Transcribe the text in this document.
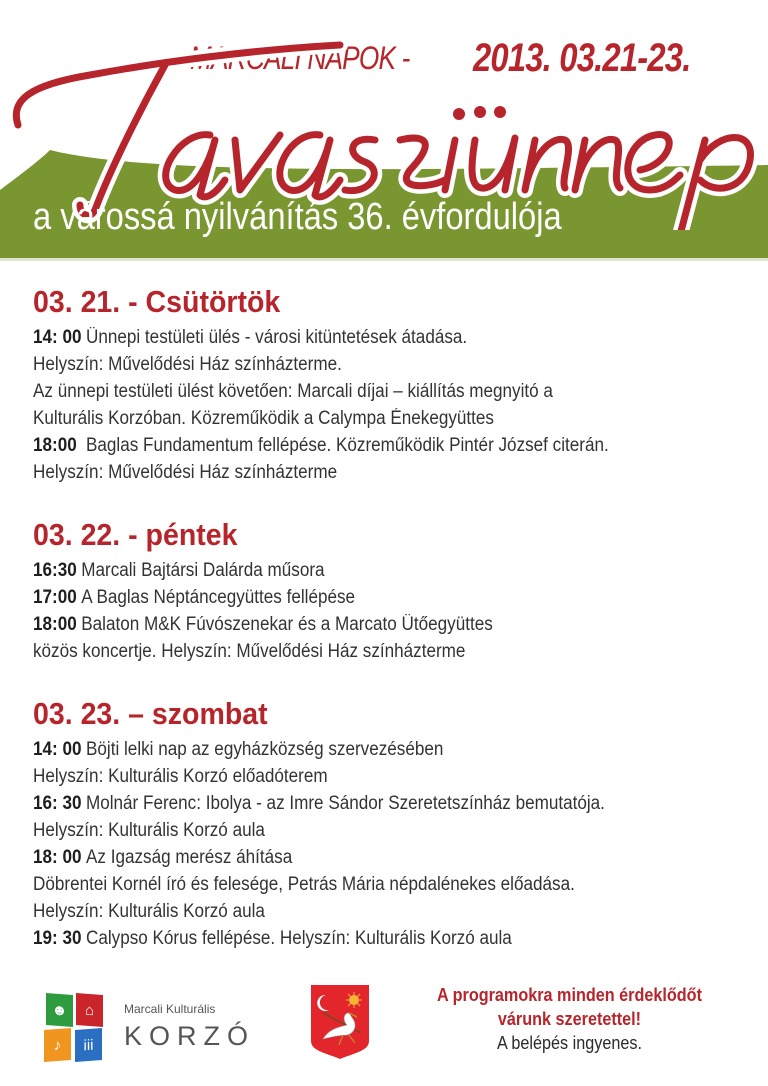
MARCALI NAPOK - 2013. 03.21-23.
a várossá nyilvánítás 36. évfordulója
03. 21. - Csütörtök
14: 00 Ünnepi testületi ülés - városi kitüntetések átadása.
Helyszín: Művelődési Ház színházterme.
Az ünnepi testületi ülést követően: Marcali díjai – kiállítás megnyitó a
Kulturális Korzóban. Közreműködik a Calympa Énekegyüttes
18:00 Baglas Fundamentum fellépése. Közreműködik Pintér József citerán.
Helyszín: Művelődési Ház színházterme
03. 22. - péntek
16:30 Marcali Bajtársi Dalárda műsora
17:00 A Baglas Néptáncegyüttes fellépése
18:00 Balaton M&K Fúvószenekar és a Marcato Ütőegyüttes
közös koncertje. Helyszín: Művelődési Ház színházterme
03. 23. – szombat
14: 00 Böjti lelki nap az egyházközség szervezésében
Helyszín: Kulturális Korzó előadóterem
16: 30 Molnár Ferenc: Ibolya - az Imre Sándor Szeretetszínház bemutatója.
Helyszín: Kulturális Korzó aula
18: 00 Az Igazság merész áhítása
Döbrentei Kornél író és felesége, Petrás Mária népdalénekes előadása.
Helyszín: Kulturális Korzó aula
19: 30 Calypso Kórus fellépése. Helyszín: Kulturális Korzó aula
☻	⌂
♪	iii
Marcali Kulturális
KORZÓ
A programokra minden érdeklődőt
várunk szeretettel!
A belépés ingyenes.
